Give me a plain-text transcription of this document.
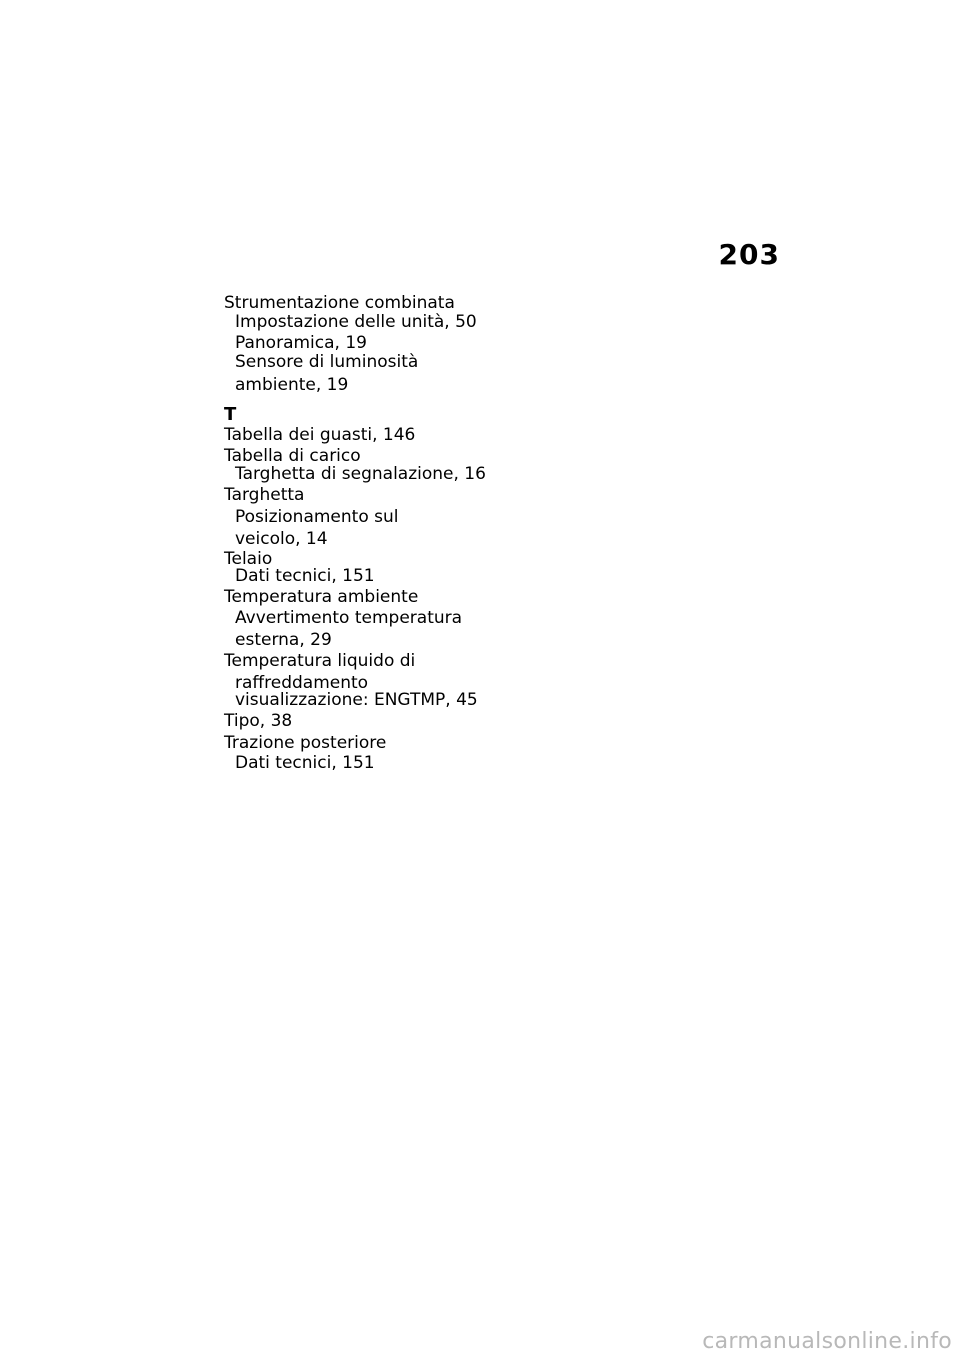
203
Strumentazione combinata
Impostazione delle unità, 50
Panoramica, 19
Sensore di luminosità
ambiente, 19
T
Tabella dei guasti, 146
Tabella di carico
Targhetta di segnalazione, 16
Targhetta
Posizionamento sul
veicolo, 14
Telaio
Dati tecnici, 151
Temperatura ambiente
Avvertimento temperatura
esterna, 29
Temperatura liquido di
raffreddamento
visualizzazione: ENGTMP, 45
Tipo, 38
Trazione posteriore
Dati tecnici, 151
carmanualsonline.info
